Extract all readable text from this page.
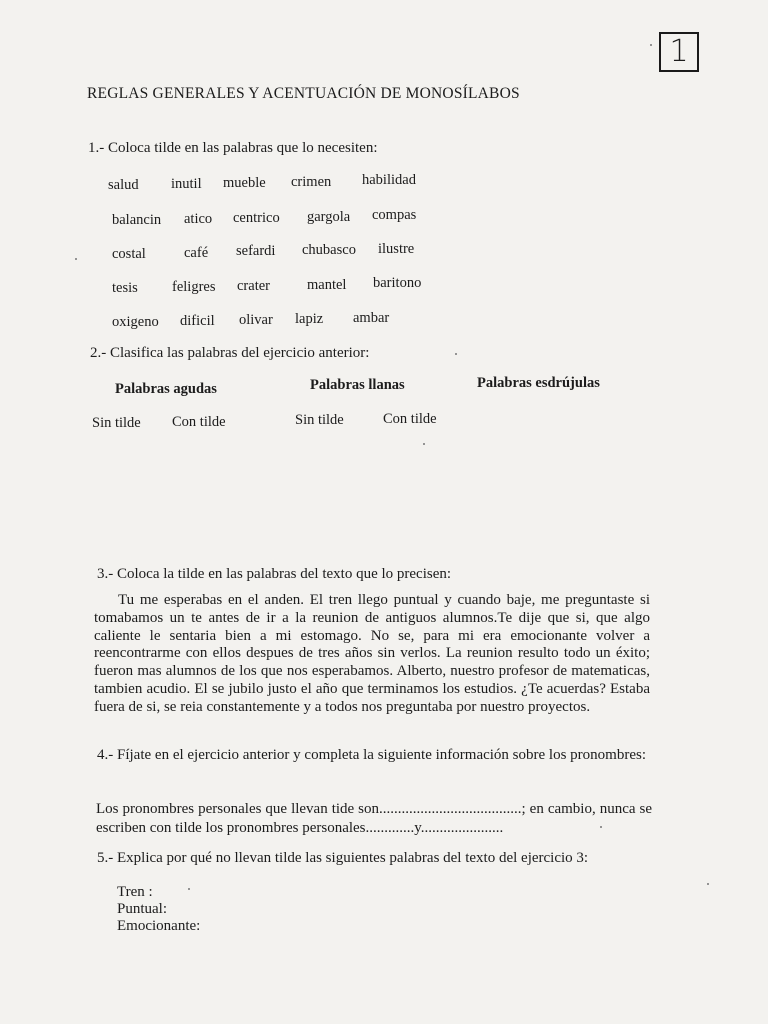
1
REGLAS GENERALES Y ACENTUACIÓN DE MONOSÍLABOS
1.- Coloca tilde en las palabras que lo necesiten:
salud inutil mueble crimen habilidad
balancin atico centrico gargola compas
costal	café sefardi chubasco ilustre
tesis feligres crater	mantel baritono
oxigeno dificil olivar lapiz ambar
2.- Clasifica las palabras del ejercicio anterior:
Palabras agudas	Palabras llanas	Palabras esdrújulas
Sin tilde Con tilde	Sin tilde	Con tilde
3.- Coloca la tilde en las palabras del texto que lo precisen:
Tu me esperabas en el anden. El tren llego puntual y cuando baje, me preguntaste si tomabamos un te antes de ir a la reunion de antiguos alumnos.Te dije que si, que algo caliente le sentaria bien a mi estomago. No se, para mi era emocionante volver a reencontrarme con ellos despues de tres años sin verlos. La reunion resulto todo un éxito; fueron mas alumnos de los que nos esperabamos. Alberto, nuestro profesor de matematicas, tambien acudio. El se jubilo justo el año que terminamos los estudios. ¿Te acuerdas? Estaba fuera de si, se reia constantemente y a todos nos preguntaba por nuestro proyectos.
4.- Fíjate en el ejercicio anterior y completa la siguiente información sobre los pronombres:
Los pronombres personales que llevan tide son......................................; en cambio, nunca se escriben con tilde los pronombres personales.............y......................
5.- Explica por qué no llevan tilde las siguientes palabras del texto del ejercicio 3:
Tren :
Puntual:
Emocionante:
